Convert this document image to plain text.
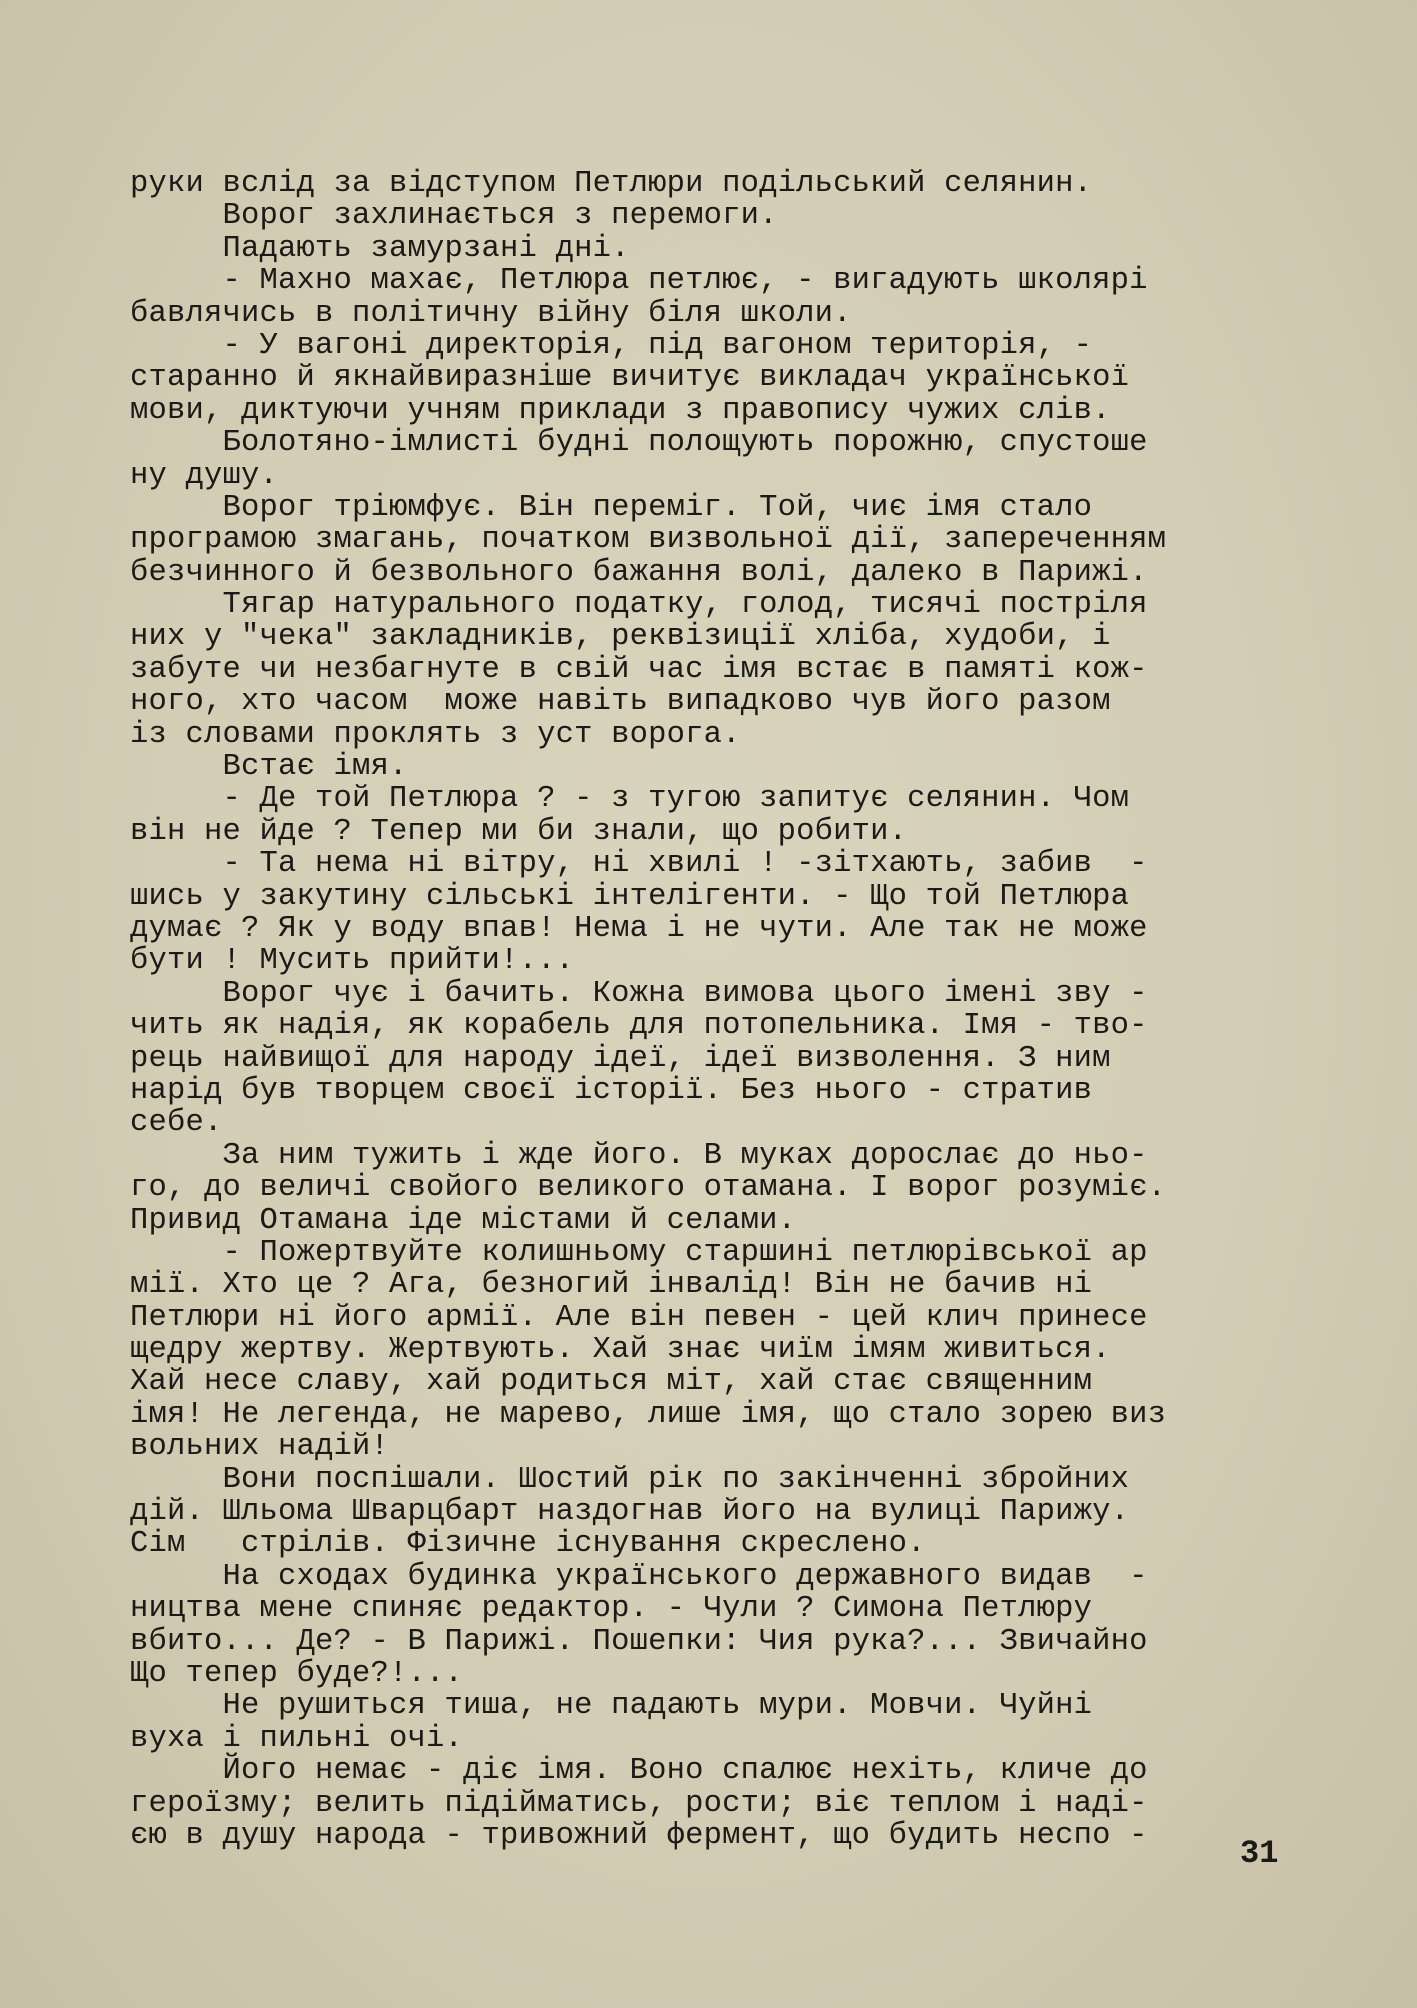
руки вслід за відступом Петлюри подільський селянин.
Ворог захлинається з перемоги.
Падають замурзані дні.
- Махно махає, Петлюра петлює, - вигадують школярі
бавлячись в політичну війну біля школи.
- У вагоні директорія, під вагоном територія, -
старанно й якнайвиразніше вичитує викладач української
мови, диктуючи учням приклади з правопису чужих слів.
Болотяно-імлисті будні полощують порожню, спустоше
ну душу.
Ворог тріюмфує. Він переміг. Той, чиє імя стало
програмою змагань, початком визвольної дії, запереченням
безчинного й безвольного бажання волі, далеко в Парижі.
Тягар натурального податку, голод, тисячі постріля
них у "чека" закладників, реквізиції хліба, худоби, і
забуте чи незбагнуте в свій час імя встає в памяті кож-
ного, хто часом  може навіть випадково чув його разом
із словами проклять з уст ворога.
Встає імя.
- Де той Петлюра ? - з тугою запитує селянин. Чом
він не йде ? Тепер ми би знали, що робити.
- Та нема ні вітру, ні хвилі ! -зітхають, забив  -
шись у закутину сільські інтелігенти. - Що той Петлюра
думає ? Як у воду впав! Нема і не чути. Але так не може
бути ! Мусить прийти!...
Ворог чує і бачить. Кожна вимова цього імені зву -
чить як надія, як корабель для потопельника. Імя - тво-
рець найвищої для народу ідеї, ідеї визволення. З ним
нарід був творцем своєї історії. Без нього - стратив
себе.
За ним тужить і жде його. В муках дорослає до ньо-
го, до величі свойого великого отамана. І ворог розуміє.
Привид Отамана іде містами й селами.
- Пожертвуйте колишньому старшині петлюрівської ар
мії. Хто це ? Ага, безногий інвалід! Він не бачив ні
Петлюри ні його армії. Але він певен - цей клич принесе
щедру жертву. Жертвують. Хай знає чиїм імям живиться.
Хай несе славу, хай родиться міт, хай стає священним
імя! Не легенда, не марево, лише імя, що стало зорею виз
вольних надій!
Вони поспішали. Шостий рік по закінченні збройних
дій. Шльома Шварцбарт наздогнав його на вулиці Парижу.
Сім   стрілів. Фізичне існування скреслено.
На сходах будинка українського державного видав  -
ництва мене спиняє редактор. - Чули ? Симона Петлюру
вбито... Де? - В Парижі. Пошепки: Чия рука?... Звичайно
Що тепер буде?!...
Не рушиться тиша, не падають мури. Мовчи. Чуйні
вуха і пильні очі.
Його немає - діє імя. Воно спалює нехіть, кличе до
героїзму; велить підійматись, рости; віє теплом і наді-
єю в душу народа - тривожний фермент, що будить неспо -	31
